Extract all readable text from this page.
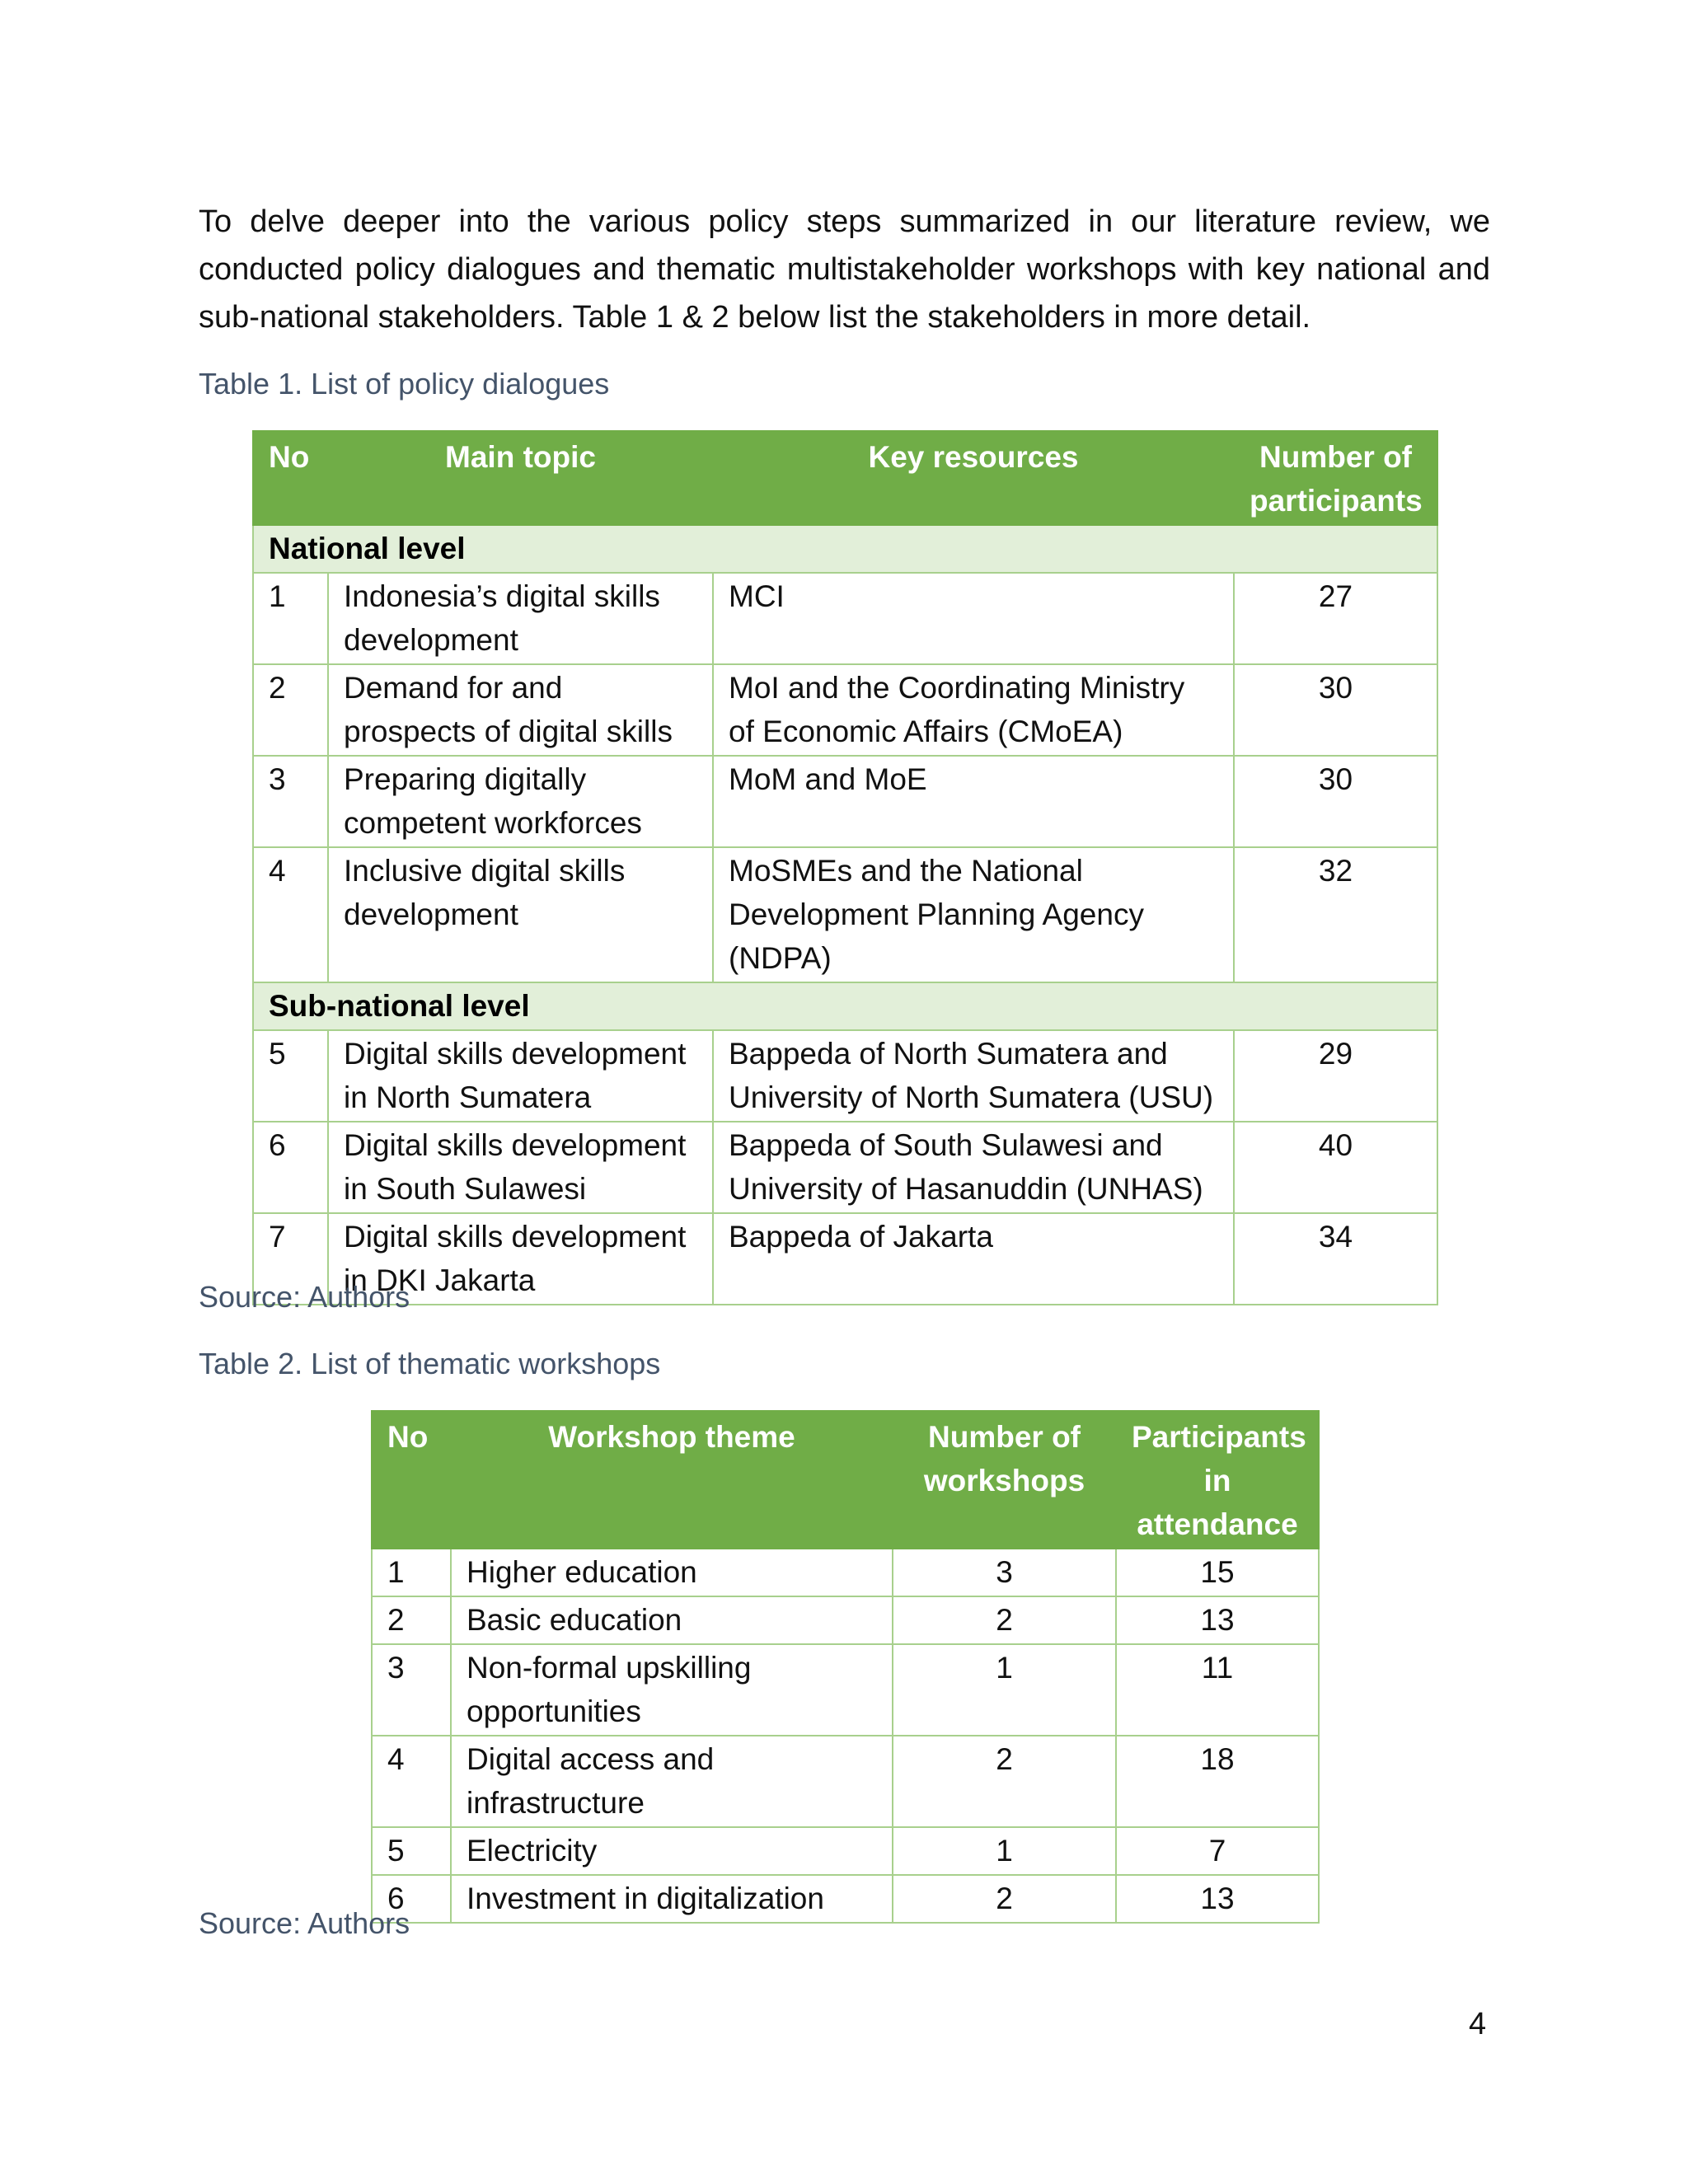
To delve deeper into the various policy steps summarized in our literature review, we conducted policy dialogues and thematic multistakeholder workshops with key national and sub-national stakeholders. Table 1 & 2 below list the stakeholders in more detail.

Table 1. List of policy dialogues
No	Main topic	Key resources	Number of participants
National level			
1	Indonesia’s digital skills development	MCI	27
2	Demand for and prospects of digital skills	MoI and the Coordinating Ministry of Economic Affairs (CMoEA)	30
3	Preparing digitally competent workforces	MoM and MoE	30
4	Inclusive digital skills development	MoSMEs and the National Development Planning Agency (NDPA)	32
Sub-national level			
5	Digital skills development in North Sumatera	Bappeda of North Sumatera and University of North Sumatera (USU)	29
6	Digital skills development in South Sulawesi	Bappeda of South Sulawesi and University of Hasanuddin (UNHAS)	40
7	Digital skills development in DKI Jakarta	Bappeda of Jakarta	34
Source: Authors
Table 2. List of thematic workshops
No	Workshop theme	Number of workshops	Participants in attendance
1	Higher education	3	15
2	Basic education	2	13
3	Non-formal upskilling opportunities	1	11
4	Digital access and infrastructure	2	18
5	Electricity	1	7
6	Investment in digitalization	2	13
Source: Authors
4
